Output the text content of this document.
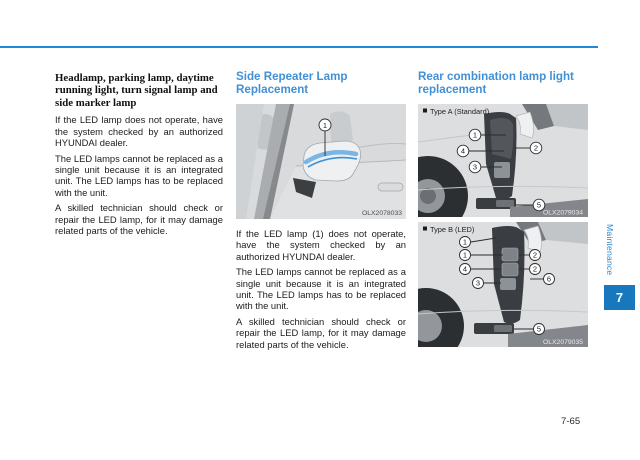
Headlamp, parking lamp, daytime running light, turn signal lamp and side marker lamp

If the LED lamp does not operate, have the system checked by an authorized HYUNDAI dealer.

The LED lamps cannot be replaced as a single unit because it is an integrated unit. The LED lamps has to be replaced with the unit.

A skilled technician should check or repair the LED lamp, for it may damage related parts of the vehicle.

Side Repeater Lamp Replacement
1
OLX2078033

If the LED lamp (1) does not operate, have the system checked by an authorized HYUNDAI dealer.

The LED lamps cannot be replaced as a single unit because it is an integrated unit. The LED lamps has to be replaced with the unit.

A skilled technician should check or repair the LED lamp, for it may damage related parts of the vehicle.

Rear combination lamp light replacement
Type A (Standard)
1
4
3
2
5
OLX2079034
Type B (LED)
1
1
4
3
2
2
6
5
OLX2079035
Maintenance
7
7-65
